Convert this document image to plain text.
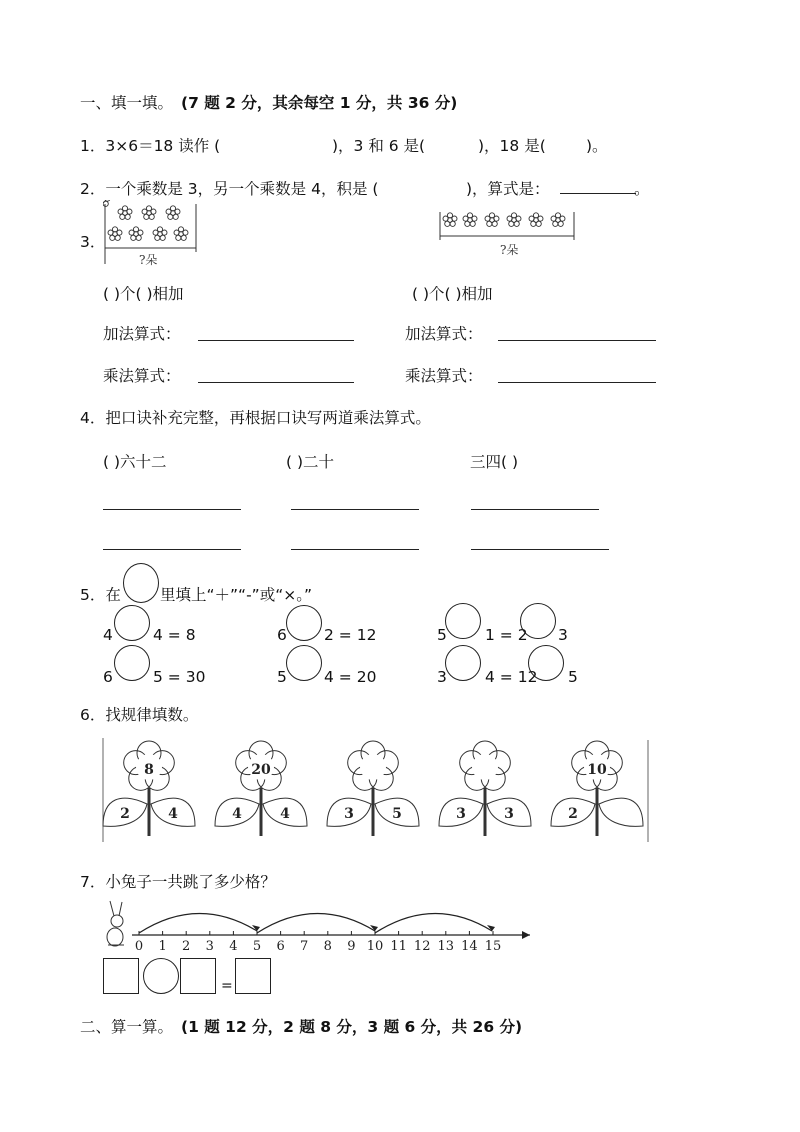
一、填一填。 (7 题 2 分，其余每空 1 分，共 36 分)
1．3×6＝18 读作 (	)，3 和 6 是(	)，18 是(	)。
2．一个乘数是 3，另一个乘数是 4，积是 (	)，算式是：	。
3．
?朵
?朵
( )个( )相加	( )个( )相加
加法算式：	加法算式：
乘法算式：	乘法算式：
4．把口诀补充完整，再根据口诀写两道乘法算式。
( )六十二	( )二十	三四( )
5．在	里填上“＋”“-”或“×。”
4	4 = 8	6 2 = 12	5 1 = 2 3
6	5 = 30	5 4 = 20	3 4 = 12 5
6．找规律填数。
8
2	4
20
4	4	3	5	3	3
10
2
7．小兔子一共跳了多少格？
0 1 2 3 4 5 6 7 8 9 10 11 12 13 14 15
=
二、算一算。 (1 题 12 分，2 题 8 分，3 题 6 分，共 26 分)
